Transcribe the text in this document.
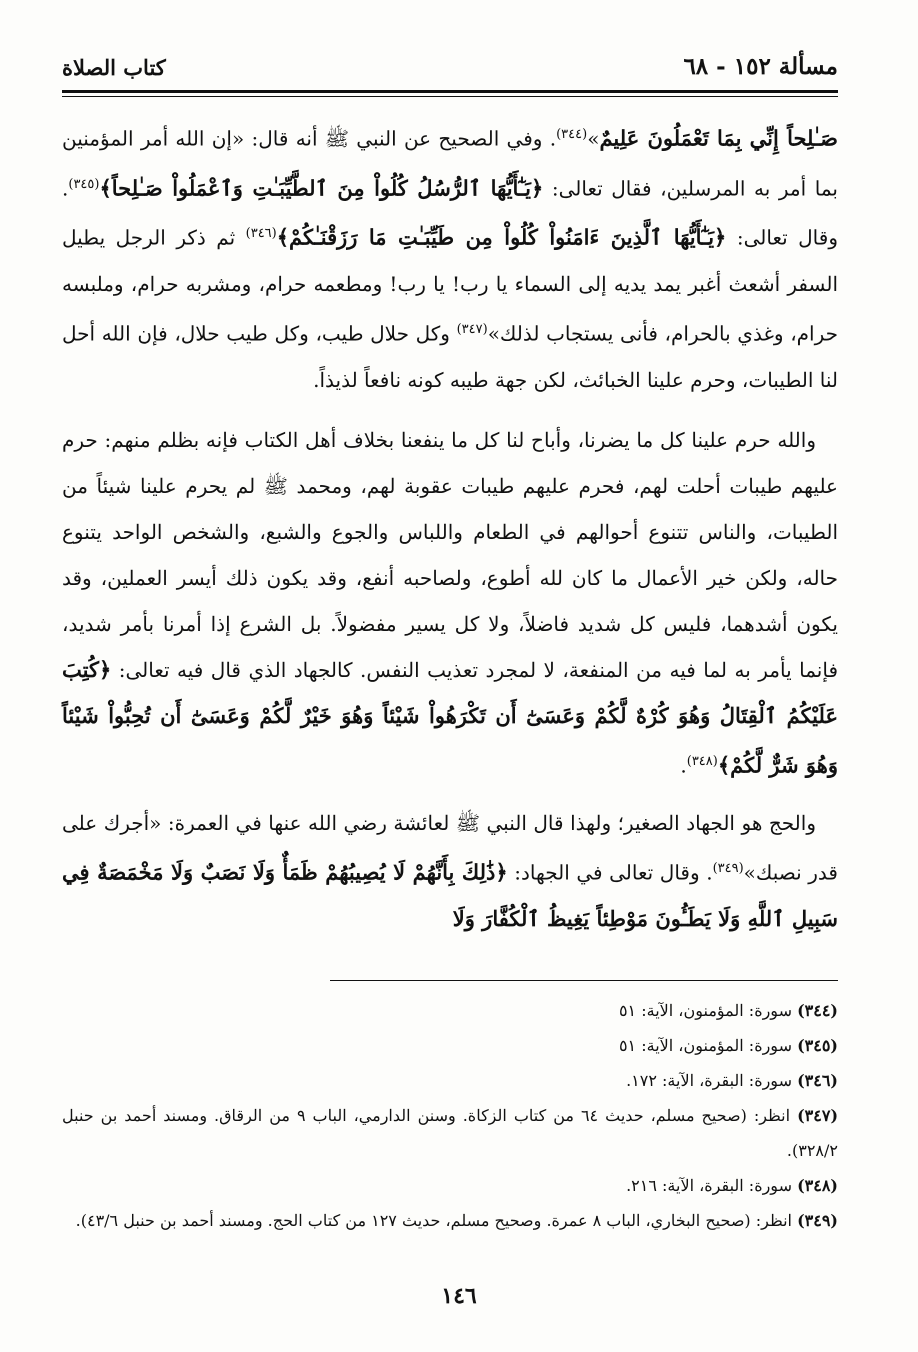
مسألة ١٥٢ - ٦٨
كتاب الصلاة

صَـٰلِحاً إِنِّي بِمَا تَعْمَلُونَ عَلِيمٌ»$^{(٣٤٤)}$. وفي الصحيح عن النبي ﷺ أنه قال: «إن الله أمر المؤمنين بما أمر به المرسلين، فقال تعالى: ﴿يَـٰٓأَيُّهَا ٱلرُّسُلُ كُلُواْ مِنَ ٱلطَّيِّبَـٰتِ وَٱعْمَلُواْ صَـٰلِحاً﴾$^{(٣٤٥)}$. وقال تعالى: ﴿يَـٰٓأَيُّهَا ٱلَّذِينَ ءَامَنُواْ كُلُواْ مِن طَيِّبَـٰتِ مَا رَزَقْنَـٰكُمْ﴾$^{(٣٤٦)}$ ثم ذكر الرجل يطيل السفر أشعث أغبر يمد يديه إلى السماء يا رب! يا رب! ومطعمه حرام، ومشربه حرام، وملبسه حرام، وغذي بالحرام، فأنى يستجاب لذلك»$^{(٣٤٧)}$ وكل حلال طيب، وكل طيب حلال، فإن الله أحل لنا الطيبات، وحرم علينا الخبائث، لكن جهة طيبه كونه نافعاً لذيذاً.

والله حرم علينا كل ما يضرنا، وأباح لنا كل ما ينفعنا بخلاف أهل الكتاب فإنه بظلم منهم: حرم عليهم طيبات أحلت لهم، فحرم عليهم طيبات عقوبة لهم، ومحمد ﷺ لم يحرم علينا شيئاً من الطيبات، والناس تتنوع أحوالهم في الطعام واللباس والجوع والشبع، والشخص الواحد يتنوع حاله، ولكن خير الأعمال ما كان لله أطوع، ولصاحبه أنفع، وقد يكون ذلك أيسر العملين، وقد يكون أشدهما، فليس كل شديد فاضلاً، ولا كل يسير مفضولاً. بل الشرع إذا أمرنا بأمر شديد، فإنما يأمر به لما فيه من المنفعة، لا لمجرد تعذيب النفس. كالجهاد الذي قال فيه تعالى: ﴿كُتِبَ عَلَيْكُمُ ٱلْقِتَالُ وَهُوَ كُرْهٌ لَّكُمْ وَعَسَىٰٓ أَن تَكْرَهُواْ شَيْئاً وَهُوَ خَيْرٌ لَّكُمْ وَعَسَىٰٓ أَن تُحِبُّواْ شَيْئاً وَهُوَ شَرٌّ لَّكُمْ﴾$^{(٣٤٨)}$.

والحج هو الجهاد الصغير؛ ولهذا قال النبي ﷺ لعائشة رضي الله عنها في العمرة: «أجرك على قدر نصبك»$^{(٣٤٩)}$. وقال تعالى في الجهاد: ﴿ذَٰلِكَ بِأَنَّهُمْ لَا يُصِيبُهُمْ ظَمَأٌ وَلَا نَصَبٌ وَلَا مَخْمَصَةٌ فِي سَبِيلِ ٱللَّهِ وَلَا يَطَـُٔونَ مَوْطِئاً يَغِيظُ ٱلْكُفَّارَ وَلَا

(٣٤٤) سورة: المؤمنون، الآية: ٥١
(٣٤٥) سورة: المؤمنون، الآية: ٥١
(٣٤٦) سورة: البقرة، الآية: ١٧٢.
(٣٤٧) انظر: (صحيح مسلم، حديث ٦٤ من كتاب الزكاة. وسنن الدارمي، الباب ٩ من الرقاق. ومسند أحمد بن حنبل ٣٢٨/٢).
(٣٤٨) سورة: البقرة، الآية: ٢١٦.
(٣٤٩) انظر: (صحيح البخاري، الباب ٨ عمرة. وصحيح مسلم، حديث ١٢٧ من كتاب الحج. ومسند أحمد بن حنبل ٤٣/٦).
١٤٦
